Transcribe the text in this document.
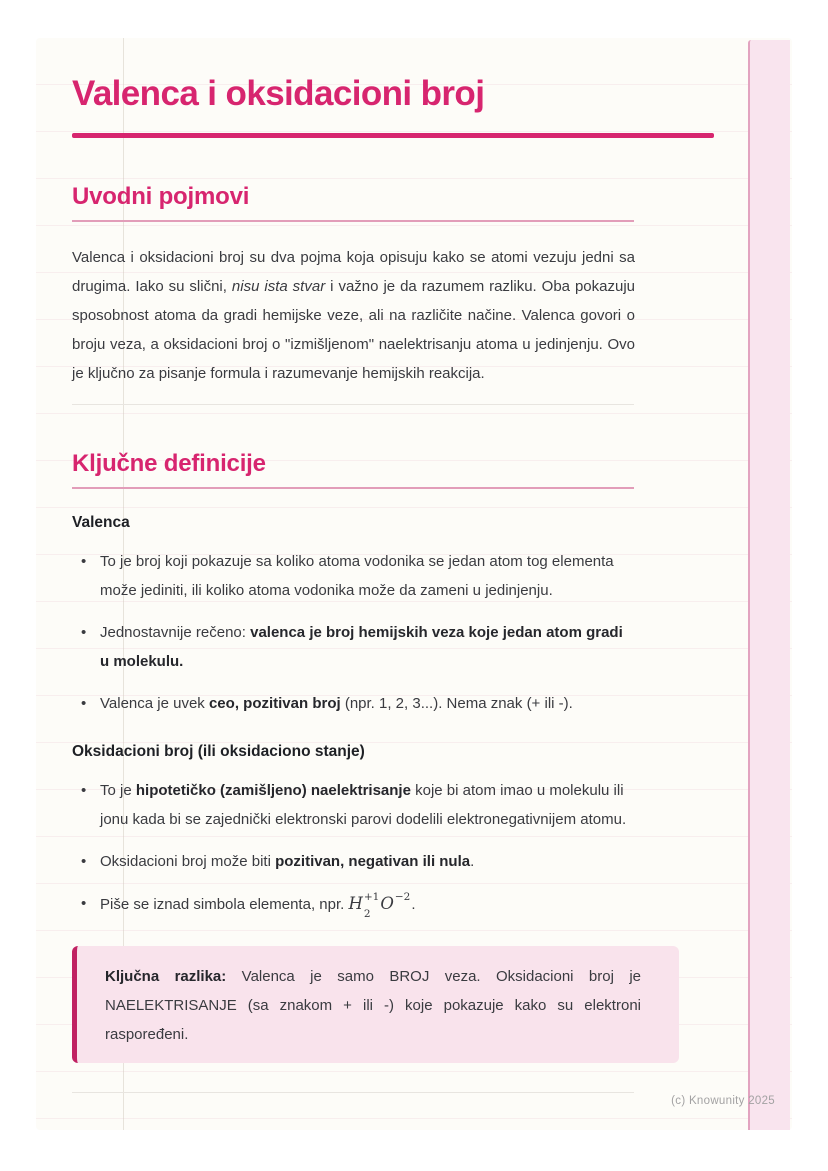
Valenca i oksidacioni broj
Uvodni pojmovi

Valenca i oksidacioni broj su dva pojma koja opisuju kako se atomi vezuju jedni sa drugima. Iako su slični, nisu ista stvar i važno je da razumem razliku. Oba pokazuju sposobnost atoma da gradi hemijske veze, ali na različite načine. Valenca govori o broju veza, a oksidacioni broj o "izmišljenom" naelektrisanju atoma u jedinjenju. Ovo je ključno za pisanje formula i razumevanje hemijskih reakcija.

Ključne definicije
Valenca
• To je broj koji pokazuje sa koliko atoma vodonika se jedan atom tog elementa može jediniti, ili koliko atoma vodonika može da zameni u jedinjenju.
• Jednostavnije rečeno: valenca je broj hemijskih veza koje jedan atom gradi u molekulu.
• Valenca je uvek ceo, pozitivan broj (npr. 1, 2, 3...). Nema znak (+ ili -).
Oksidacioni broj (ili oksidaciono stanje)
• To je hipotetičko (zamišljeno) naelektrisanje koje bi atom imao u molekulu ili jonu kada bi se zajednički elektronski parovi dodelili elektronegativnijem atomu.
• Oksidacioni broj može biti pozitivan, negativan ili nula.
• Piše se iznad simbola elementa, npr. H +1
2
O −2 .

Ključna razlika: Valenca je samo BROJ veza. Oksidacioni broj je NAELEKTRISANJE (sa znakom + ili -) koje pokazuje kako su elektroni raspoređeni.

(c) Knowunity 2025
